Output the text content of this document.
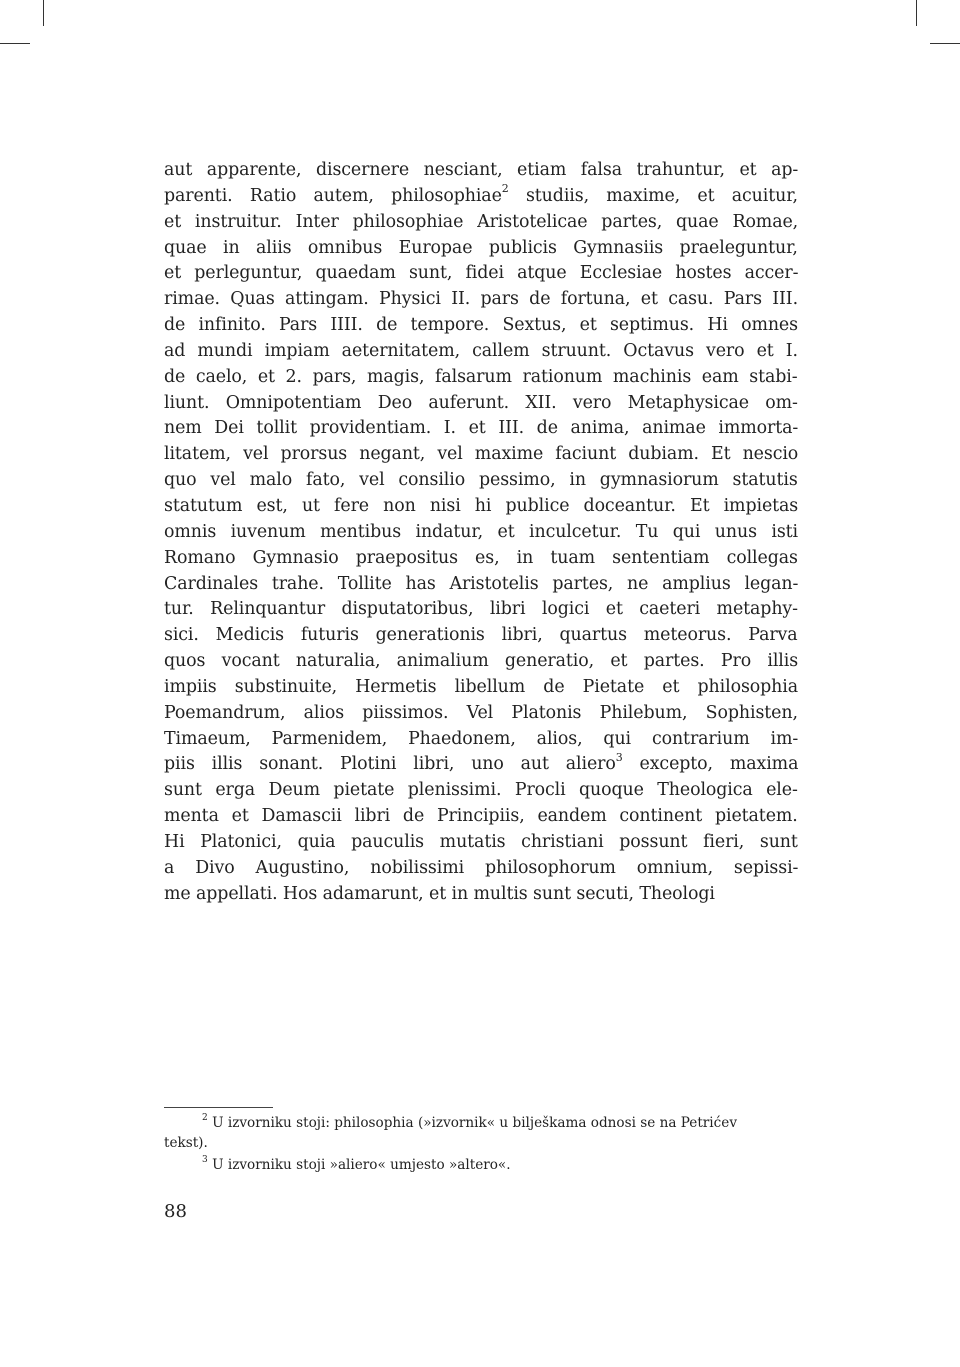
aut apparente, discernere nesciant, etiam falsa trahuntur, et ap-
parenti. Ratio autem, philosophiae$^2$ studiis, maxime, et acuitur,
et instruitur. Inter philosophiae Aristotelicae partes, quae Romae,
quae in aliis omnibus Europae publicis Gymnasiis praeleguntur,
et perleguntur, quaedam sunt, fidei atque Ecclesiae hostes accer-
rimae. Quas attingam. Physici II. pars de fortuna, et casu. Pars III.
de infinito. Pars IIII. de tempore. Sextus, et septimus. Hi omnes
ad mundi impiam aeternitatem, callem struunt. Octavus vero et I.
de caelo, et 2. pars, magis, falsarum rationum machinis eam stabi-
liunt. Omnipotentiam Deo auferunt. XII. vero Metaphysicae om-
nem Dei tollit providentiam. I. et III. de anima, animae immorta-
litatem, vel prorsus negant, vel maxime faciunt dubiam. Et nescio
quo vel malo fato, vel consilio pessimo, in gymnasiorum statutis
statutum est, ut fere non nisi hi publice doceantur. Et impietas
omnis iuvenum mentibus indatur, et inculcetur. Tu qui unus isti
Romano Gymnasio praepositus es, in tuam sententiam collegas
Cardinales trahe. Tollite has Aristotelis partes, ne amplius legan-
tur. Relinquantur disputatoribus, libri logici et caeteri metaphy-
sici. Medicis futuris generationis libri, quartus meteorus. Parva
quos vocant naturalia, animalium generatio, et partes. Pro illis
impiis substinuite, Hermetis libellum de Pietate et philosophia
Poemandrum, alios piissimos. Vel Platonis Philebum, Sophisten,
Timaeum, Parmenidem, Phaedonem, alios, qui contrarium im-
piis illis sonant. Plotini libri, uno aut aliero$^3$ excepto, maxima
sunt erga Deum pietate plenissimi. Procli quoque Theologica ele-
menta et Damascii libri de Principiis, eandem continent pietatem.
Hi Platonici, quia pauculis mutatis christiani possunt fieri, sunt
a Divo Augustino, nobilissimi philosophorum omnium, sepissi-
me appellati. Hos adamarunt, et in multis sunt secuti, Theologi
$^2$ U izvorniku stoji: philosophia (»izvornik« u bilješkama odnosi se na Petrićev
tekst).
$^3$ U izvorniku stoji »aliero« umjesto »altero«.
88
